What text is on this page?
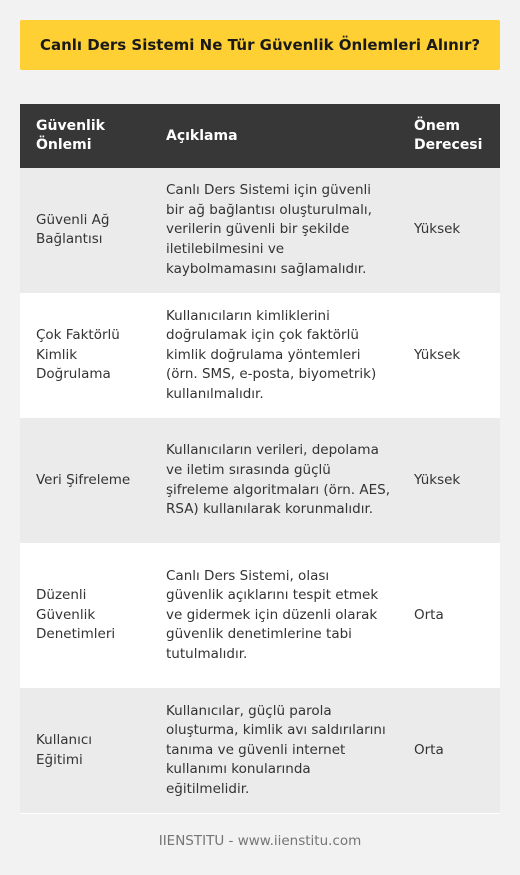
Canlı Ders Sistemi Ne Tür Güvenlik Önlemleri Alınır?
Güvenlik Önlemi	Açıklama	Önem Derecesi
Güvenli Ağ Bağlantısı	Canlı Ders Sistemi için güvenli bir ağ bağlantısı oluşturulmalı, verilerin güvenli bir şekilde iletilebilmesini ve kaybolmamasını sağlamalıdır.	Yüksek
Çok Faktörlü Kimlik Doğrulama	Kullanıcıların kimliklerini doğrulamak için çok faktörlü kimlik doğrulama yöntemleri (örn. SMS, e-posta, biyometrik) kullanılmalıdır.	Yüksek
Veri Şifreleme	Kullanıcıların verileri, depolama ve iletim sırasında güçlü şifreleme algoritmaları (örn. AES, RSA) kullanılarak korunmalıdır.	Yüksek
Düzenli Güvenlik Denetimleri	Canlı Ders Sistemi, olası güvenlik açıklarını tespit etmek ve gidermek için düzenli olarak güvenlik denetimlerine tabi tutulmalıdır.	Orta
Kullanıcı Eğitimi	Kullanıcılar, güçlü parola oluşturma, kimlik avı saldırılarını tanıma ve güvenli internet kullanımı konularında eğitilmelidir.	Orta
IIENSTITU - www.iienstitu.com
